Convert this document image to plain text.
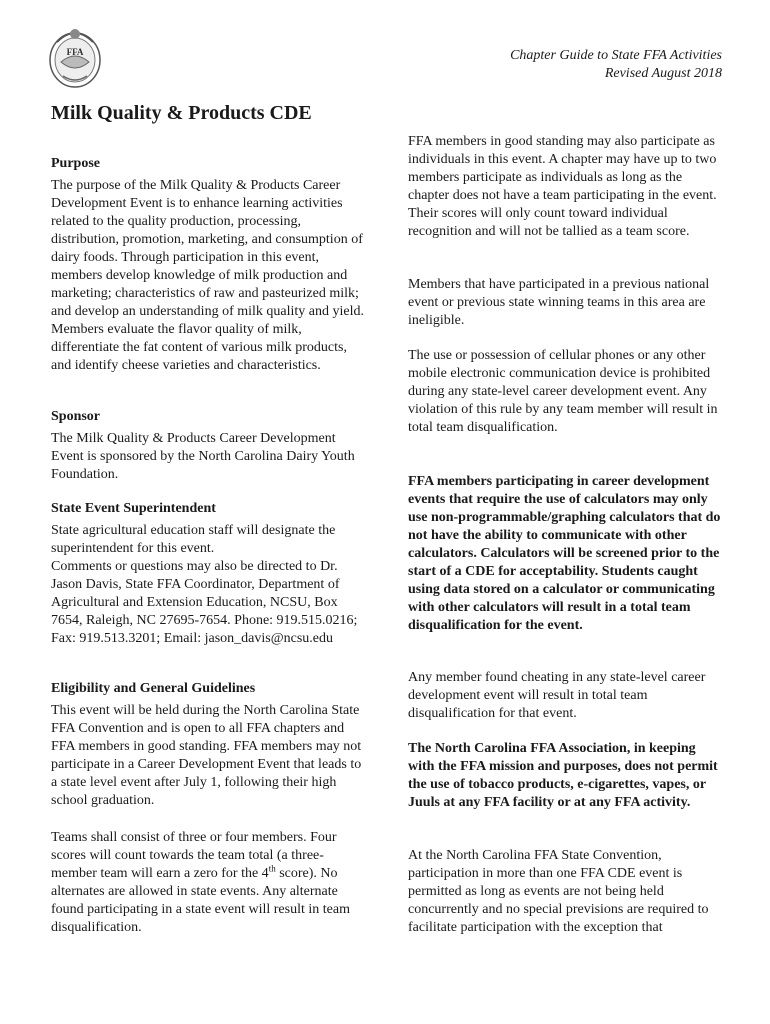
FFA	Chapter Guide to State FFA Activities
Revised August 2018
Milk Quality & Products CDE
Purpose

The purpose of the Milk Quality & Products Career Development Event is to enhance learning activities related to the quality production, processing, distribution, promotion, marketing, and consumption of dairy foods. Through participation in this event, members develop knowledge of milk production and marketing; characteristics of raw and pasteurized milk; and develop an understanding of milk quality and yield. Members evaluate the flavor quality of milk, differentiate the fat content of various milk products, and identify cheese varieties and characteristics.

Sponsor

The Milk Quality & Products Career Development Event is sponsored by the North Carolina Dairy Youth Foundation.

State Event Superintendent

State agricultural education staff will designate the superintendent for this event.

Comments or questions may also be directed to Dr. Jason Davis, State FFA Coordinator, Department of Agricultural and Extension Education, NCSU, Box 7654, Raleigh, NC 27695-7654. Phone: 919.515.0216; Fax: 919.513.3201; Email: jason_davis@ncsu.edu

Eligibility and General Guidelines

This event will be held during the North Carolina State FFA Convention and is open to all FFA chapters and FFA members in good standing. FFA members may not participate in a Career Development Event that leads to a state level event after July 1, following their high school graduation.

Teams shall consist of three or four members. Four scores will count towards the team total (a three-member team will earn a zero for the 4th score). No alternates are allowed in state events. Any alternate found participating in a state event will result in team disqualification.

FFA members in good standing may also participate as individuals in this event. A chapter may have up to two members participate as individuals as long as the chapter does not have a team participating in the event. Their scores will only count toward individual recognition and will not be tallied as a team score.

Members that have participated in a previous national event or previous state winning teams in this area are ineligible.

The use or possession of cellular phones or any other mobile electronic communication device is prohibited during any state-level career development event. Any violation of this rule by any team member will result in total team disqualification.

FFA members participating in career development events that require the use of calculators may only use non-programmable/graphing calculators that do not have the ability to communicate with other calculators. Calculators will be screened prior to the start of a CDE for acceptability. Students caught using data stored on a calculator or communicating with other calculators will result in a total team disqualification for the event.

Any member found cheating in any state-level career development event will result in total team disqualification for that event.

The North Carolina FFA Association, in keeping with the FFA mission and purposes, does not permit the use of tobacco products, e-cigarettes, vapes, or Juuls at any FFA facility or at any FFA activity.

At the North Carolina FFA State Convention, participation in more than one FFA CDE event is permitted as long as events are not being held concurrently and no special previsions are required to facilitate participation with the exception that
